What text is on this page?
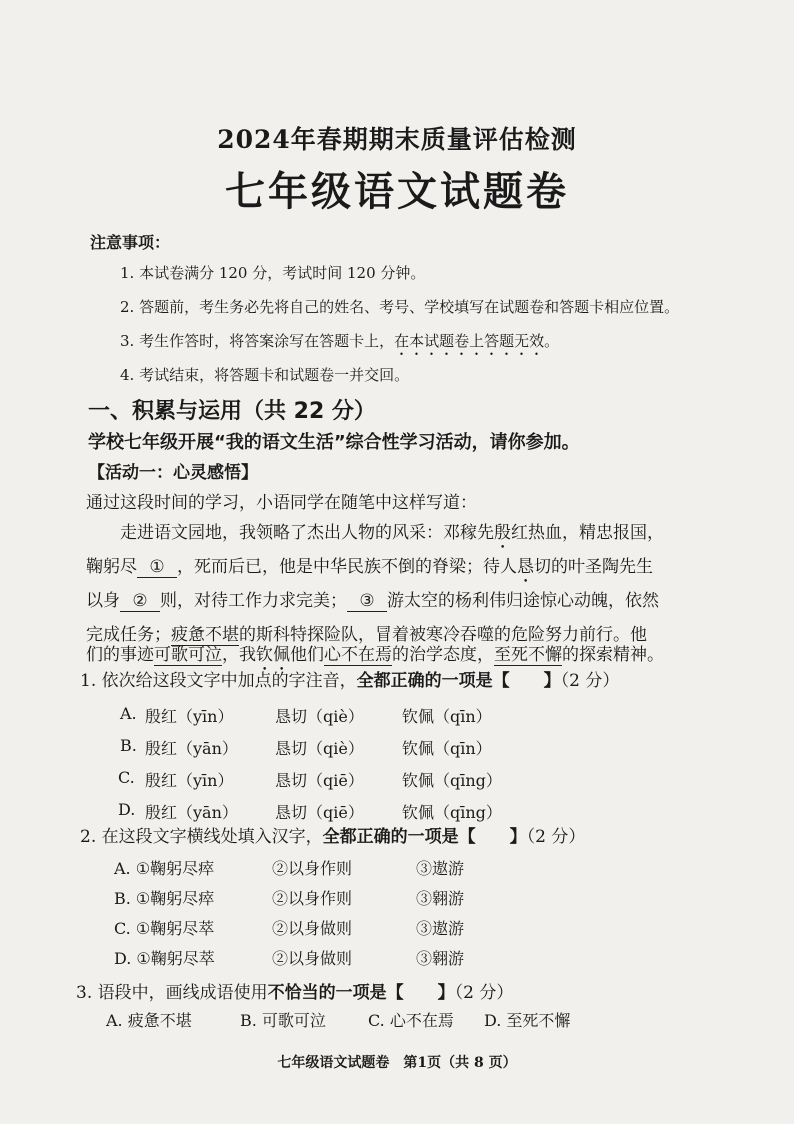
2024年春期期末质量评估检测
七年级语文试题卷
注意事项：
1. 本试卷满分 120 分，考试时间 120 分钟。
2. 答题前，考生务必先将自己的姓名、考号、学校填写在试题卷和答题卡相应位置。
3. 考生作答时，将答案涂写在答题卡上，在本试题卷上答题无效。
4. 考试结束，将答题卡和试题卷一并交回。
一、积累与运用（共 22 分）
学校七年级开展“我的语文生活”综合性学习活动，请你参加。
【活动一：心灵感悟】
通过这段时间的学习，小语同学在随笔中这样写道：
走进语文园地，我领略了杰出人物的风采：邓稼先殷红热血，精忠报国，
鞠躬尽 ① ，死而后已，他是中华民族不倒的脊梁；待人恳切的叶圣陶先生
以身 ② 则，对待工作力求完美； ③ 游太空的杨利伟归途惊心动魄，依然
完成任务；疲惫不堪的斯科特探险队，冒着被寒冷吞噬的危险努力前行。他
们的事迹可歌可泣，我钦佩他们心不在焉的治学态度，至死不懈的探索精神。
1. 依次给这段文字中加点的字注音，全都正确的一项是【　　】（2 分）
A. 殷红（yīn）	恳切（qiè） 钦佩（qīn）
B. 殷红（yān） 恳切（qiè） 钦佩（qīn）
C. 殷红（yīn）	恳切（qiē） 钦佩（qīng）
D. 殷红（yān） 恳切（qiē） 钦佩（qīng）
2. 在这段文字横线处填入汉字，全都正确的一项是【　　】（2 分）
A. ①鞠躬尽瘁	②以身作则	③遨游
B. ①鞠躬尽瘁	②以身作则	③翱游
C. ①鞠躬尽萃	②以身做则	③遨游
D. ①鞠躬尽萃	②以身做则	③翱游
3. 语段中，画线成语使用不恰当的一项是【　　】（2 分）
A. 疲惫不堪	B. 可歌可泣	C. 心不在焉 D. 至死不懈
七年级语文试题卷　第1页（共 8 页）
